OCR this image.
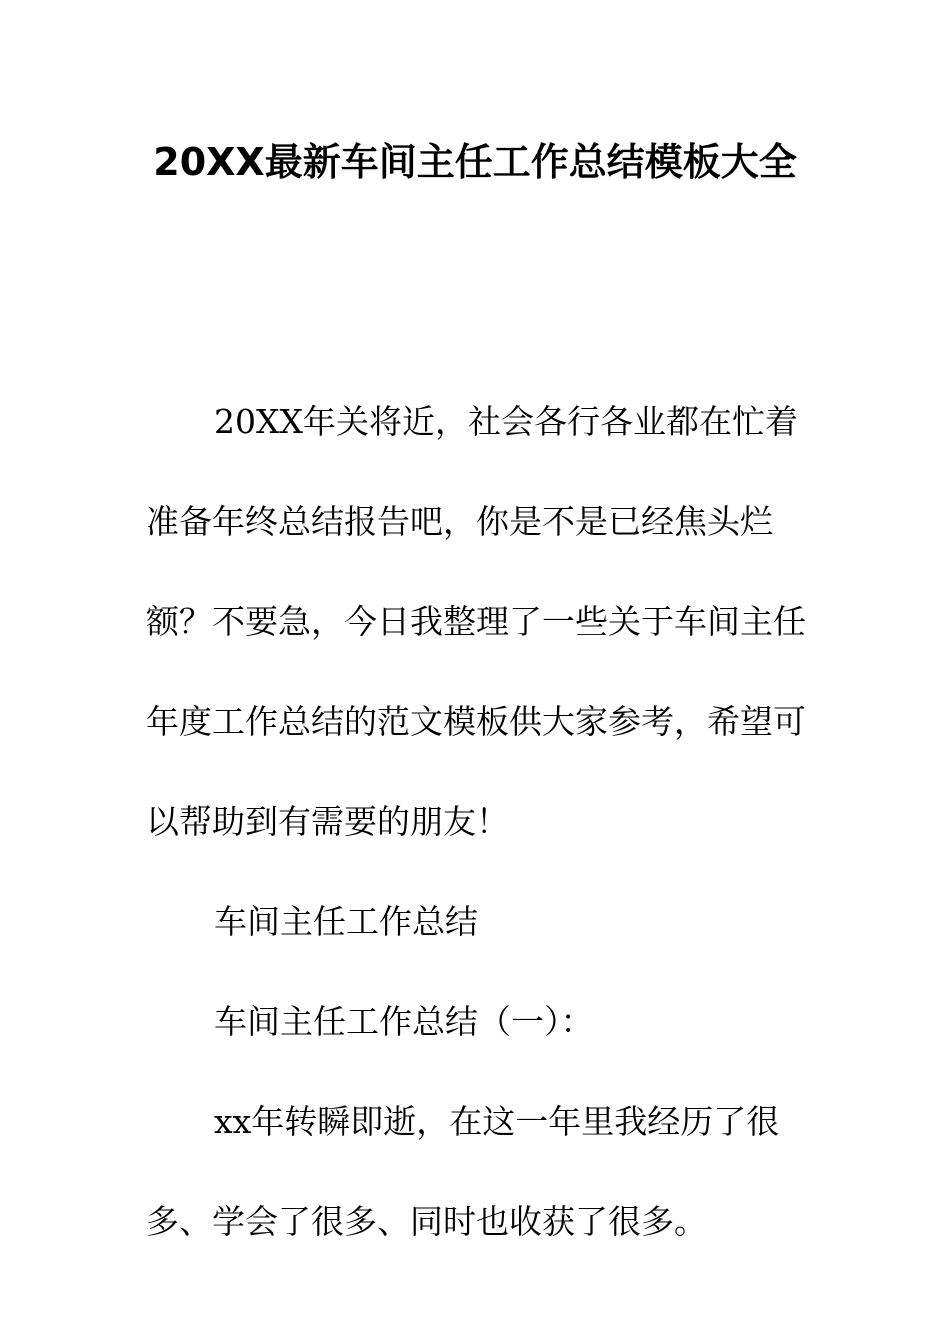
20XX最新车间主任工作总结模板大全

20XX年关将近，社会各行各业都在忙着准备年终总结报告吧，你是不是已经焦头烂额？不要急，今日我整理了一些关于车间主任年度工作总结的范文模板供大家参考，希望可以帮助到有需要的朋友！

车间主任工作总结

车间主任工作总结（一）：

xx年转瞬即逝，在这一年里我经历了很多、学会了很多、同时也收获了很多。
